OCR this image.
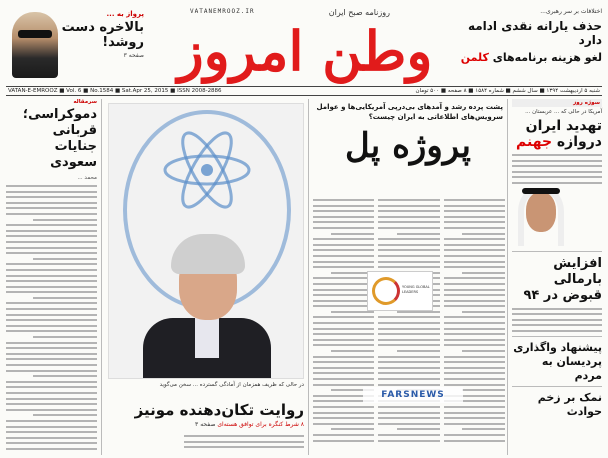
پرواز به ...
بالاخره دست روشد!
صفحه ۳
VATANEMROOZ.IR	روزنامه صبح ایران
وطن امروز
اختلافات بر سر رهبری...
حذف یارانه نقدی ادامه دارد
لغو هزینه برنامه‌های کلمن
VATAN-E-EMROOZ ■ Vol. 6 ■ No.1584 ■ Sat.Apr 25, 2015 ■ ISSN 2008-2886	شنبه ۵ اردیبهشت ۱۳۹۴ ■ سال ششم ■ شماره ۱۵۸۴ ■ ۸ صفحه ■ ۵۰۰ تومان
سرمقاله
دموکراسی؛ قربانی جنایات سعودی
محمد ...
در حالی که ظریف همزمان از آمادگی گسترده ... سخن می‌گوید
روایت تکان‌دهنده مونیز
۸ شرط کنگره برای توافق هسته‌ای صفحه ۳
پشت پرده رشد و آمدهای بی‌درپی آمریکایی‌ها و عوامل سرویس‌های اطلاعاتی به ایران چیست؟
پروژه پل
YOUNG GLOBAL LEADERS
FARSNEWS
سوژه روز
آمریکا در حالی که ... عربستان ...
تهدید ایران دروازه جهنم
افزایش بارمالی قبوض در ۹۴
پیشنهاد واگذاری پردیسان به مردم
نمک بر زخم حوادث
